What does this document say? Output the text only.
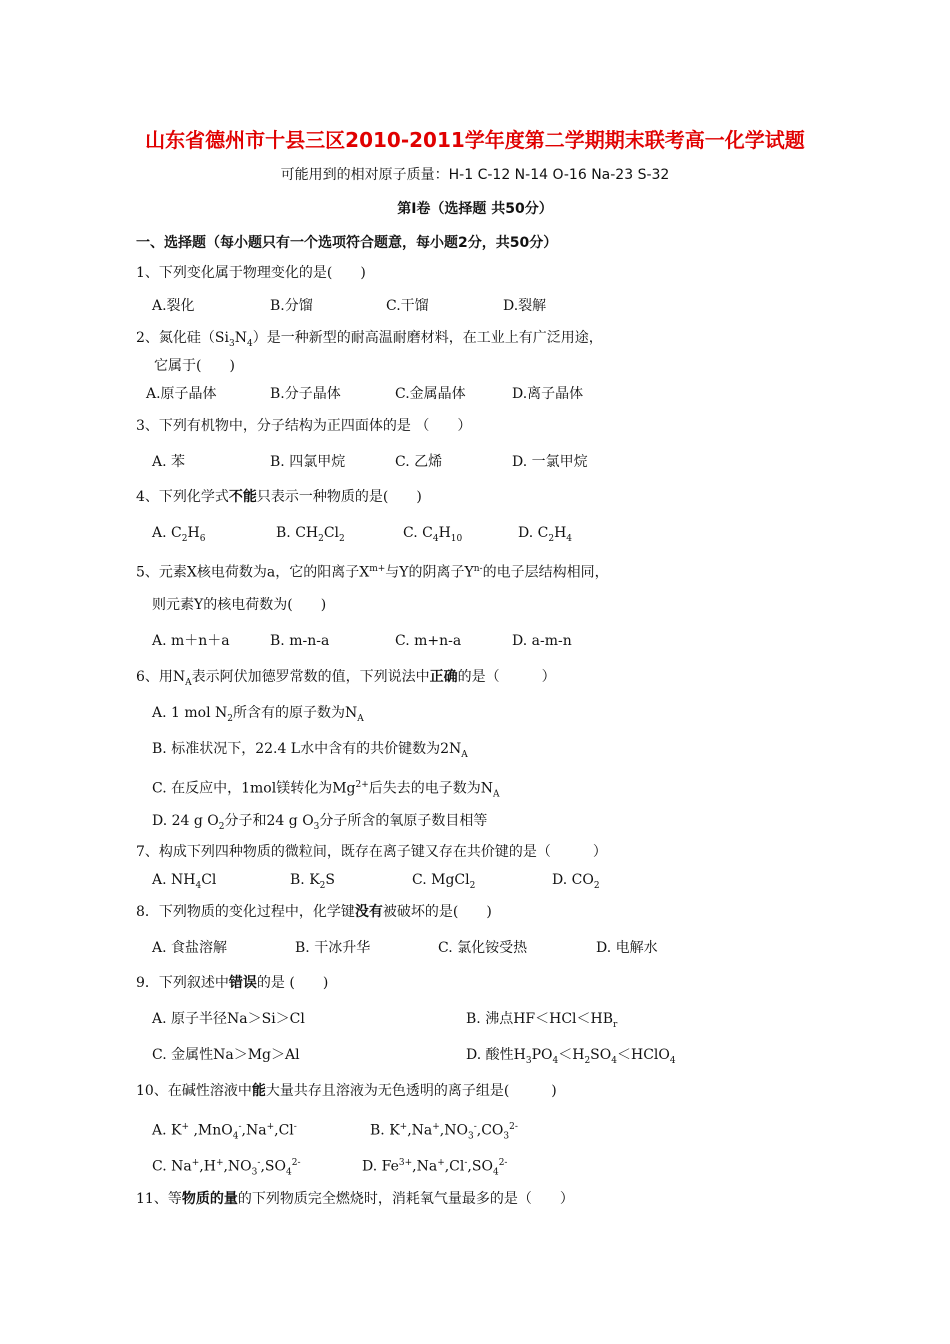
山东省德州市十县三区2010-2011学年度第二学期期末联考高一化学试题
可能用到的相对原子质量：H-1 C-12 N-14 O-16 Na-23 S-32
第I卷（选择题 共50分）
一、选择题（每小题只有一个选项符合题意，每小题2分，共50分）
1、下列变化属于物理变化的是(　　)
A.裂化	B.分馏	C.干馏	D.裂解
2、氮化硅$(Si_3N_4)$是一种新型的耐高温耐磨材料，在工业上有广泛用途，
它属于(　　)
A.原子晶体	B.分子晶体	C.金属晶体	D.离子晶体
3、下列有机物中，分子结构为正四面体的是 （　　）
A. 苯	B. 四氯甲烷	C. 乙烯	D. 一氯甲烷
4、下列化学式不能只表示一种物质的是(　　)
A. $C_2H_6$	B. $CH_2Cl_2$	C. $C_4H_{10}$	D. $C_2H_4$
5、元素X核电荷数为a，它的阳离子$X^{m+}$与Y的阴离子$Y^{n-}$的电子层结构相同，
则元素Y的核电荷数为(　　)
A. m＋n＋a	B. m-n-a	C. m+n-a	D. a-m-n
6、用$N_A$表示阿伏加德罗常数的值，下列说法中正确的是（　　　）
A. 1 mol $N_2$所含有的原子数为$N_A$
B. 标准状况下，22.4 L水中含有的共价键数为$2N_A$
C. 在反应中，1mol镁转化为$Mg^{2+}$后失去的电子数为$N_A$
D. 24 g $O_2$分子和24 g $O_3$分子所含的氧原子数目相等
7、构成下列四种物质的微粒间，既存在离子键又存在共价键的是（　　　）
A. $NH_4Cl$	B. $K_2S$	C. MgCl$_2$	D. $CO_2$
8．下列物质的变化过程中，化学键没有被破坏的是(　　)
A. 食盐溶解	B. 干冰升华	C. 氯化铵受热	D. 电解水
9．下列叙述中错误的是 (　　)
A. 原子半径Na＞Si＞Cl	B. 沸点$HF<HCl<HB_r$
C. 金属性Na＞Mg＞Al	D. 酸性$H_3PO_4<H_2SO_4<HClO_4$
10、在碱性溶液中能大量共存且溶液为无色透明的离子组是(　　　)
A. K+ ,MnO$_4$-,Na+,Cl-	B. $K^+,Na^+,NO_3^-,CO_3^{2-}$
C. $Na^+,H^+,NO_3^-,SO_4^{2-}$	D. $Fe^{3+},Na^+,Cl^-,SO_4^{2-}$
11、等物质的量的下列物质完全燃烧时，消耗氧气量最多的是（　　）
